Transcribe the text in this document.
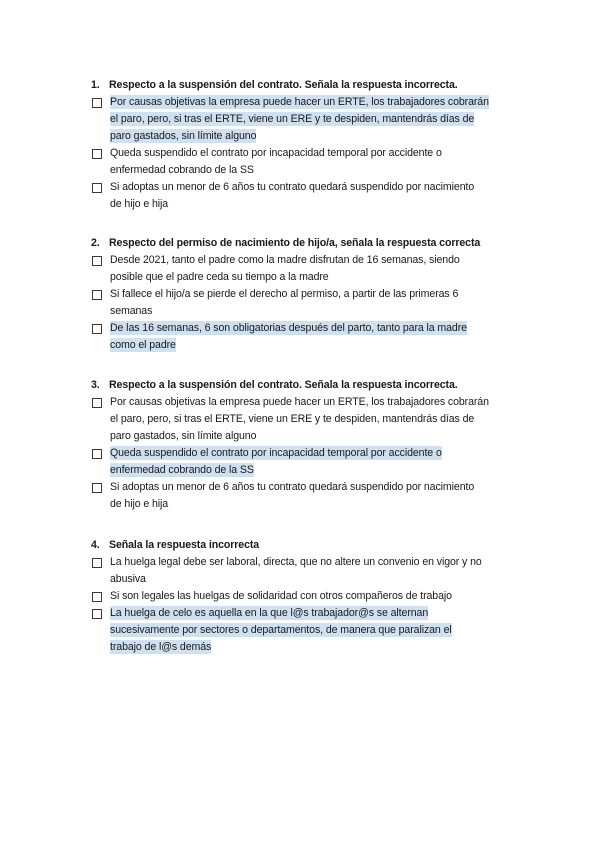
1. Respecto a la suspensión del contrato. Señala la respuesta incorrecta.
Por causas objetivas la empresa puede hacer un ERTE, los trabajadores cobrarán
el paro, pero, si tras el ERTE, viene un ERE y te despiden, mantendrás días de
paro gastados, sin límite alguno
Queda suspendido el contrato por incapacidad temporal por accidente o
enfermedad cobrando de la SS
Si adoptas un menor de 6 años tu contrato quedará suspendido por nacimiento
de hijo e hija
2. Respecto del permiso de nacimiento de hijo/a, señala la respuesta correcta
Desde 2021, tanto el padre como la madre disfrutan de 16 semanas, siendo
posible que el padre ceda su tiempo a la madre
Si fallece el hijo/a se pierde el derecho al permiso, a partir de las primeras 6
semanas
De las 16 semanas, 6 son obligatorias después del parto, tanto para la madre
como el padre
3. Respecto a la suspensión del contrato. Señala la respuesta incorrecta.
Por causas objetivas la empresa puede hacer un ERTE, los trabajadores cobrarán
el paro, pero, si tras el ERTE, viene un ERE y te despiden, mantendrás días de
paro gastados, sin límite alguno
Queda suspendido el contrato por incapacidad temporal por accidente o
enfermedad cobrando de la SS
Si adoptas un menor de 6 años tu contrato quedará suspendido por nacimiento
de hijo e hija
4. Señala la respuesta incorrecta
La huelga legal debe ser laboral, directa, que no altere un convenio en vigor y no
abusiva
Si son legales las huelgas de solidaridad con otros compañeros de trabajo
La huelga de celo es aquella en la que l@s trabajador@s se alternan
sucesivamente por sectores o departamentos, de manera que paralizan el
trabajo de l@s demás
